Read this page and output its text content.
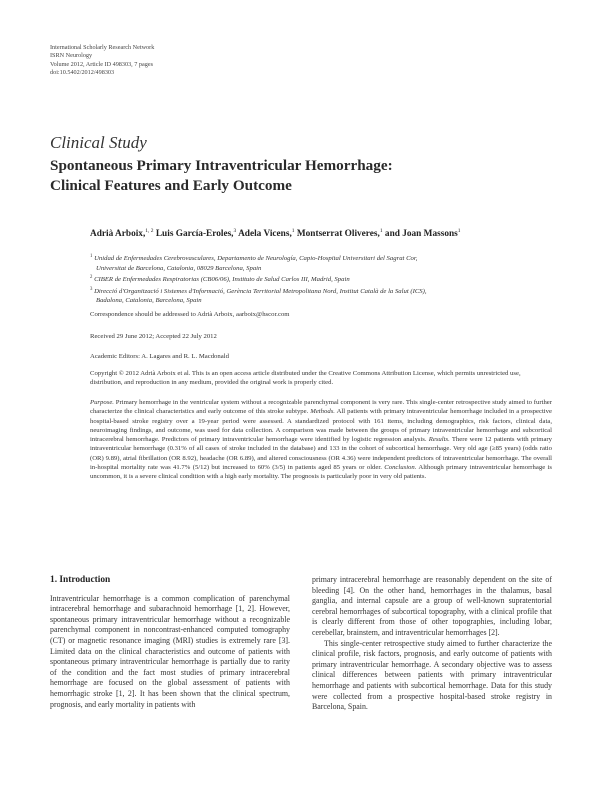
International Scholarly Research Network
ISRN Neurology
Volume 2012, Article ID 498303, 7 pages
doi:10.5402/2012/498303
Clinical Study
Spontaneous Primary Intraventricular Hemorrhage:
Clinical Features and Early Outcome
Adrià Arboix,$^{1, 2}$ Luis García-Eroles,$^3$ Adela Vicens,$^1$ Montserrat Oliveres,$^1$ and Joan Massons$^1$
$^1$ Unidad de Enfermedades Cerebrovasculares, Departamento de Neurología, Capio-Hospital Universitari del Sagrat Cor,
Universitat de Barcelona, Catalonia, 08029 Barcelona, Spain
$^2$ CIBER de Enfermedades Respiratorias (CB06/06), Instituto de Salud Carlos III, Madrid, Spain
$^3$ Direcció d'Organització i Sistemes d'Informació, Gerència Territorial Metropolitana Nord, Institut Català de la Salut (ICS),
Badalona, Catalonia, Barcelona, Spain
Correspondence should be addressed to Adrià Arboix, aarboix@hscor.com
Received 29 June 2012; Accepted 22 July 2012
Academic Editors: A. Lagares and R. L. Macdonald
Copyright © 2012 Adrià Arboix et al. This is an open access article distributed under the Creative Commons Attribution License, which permits unrestricted use, distribution, and reproduction in any medium, provided the original work is properly cited.
Purpose. Primary hemorrhage in the ventricular system without a recognizable parenchymal component is very rare. This single-center retrospective study aimed to further characterize the clinical characteristics and early outcome of this stroke subtype. Methods. All patients with primary intraventricular hemorrhage included in a prospective hospital-based stroke registry over a 19-year period were assessed. A standardized protocol with 161 items, including demographics, risk factors, clinical data, neuroimaging findings, and outcome, was used for data collection. A comparison was made between the groups of primary intraventricular hemorrhage and subcortical intracerebral hemorrhage. Predictors of primary intraventricular hemorrhage were identified by logistic regression analysis. Results. There were 12 patients with primary intraventricular hemorrhage (0.31% of all cases of stroke included in the database) and 133 in the cohort of subcortical hemorrhage. Very old age (≥85 years) (odds ratio (OR) 9.89), atrial fibrillation (OR 8.92), headache (OR 6.89), and altered consciousness (OR 4.36) were independent predictors of intraventricular hemorrhage. The overall in-hospital mortality rate was 41.7% (5/12) but increased to 60% (3/5) in patients aged 85 years or older. Conclusion. Although primary intraventricular hemorrhage is uncommon, it is a severe clinical condition with a high early mortality. The prognosis is particularly poor in very old patients.
1. Introduction

Intraventricular hemorrhage is a common complication of parenchymal intracerebral hemorrhage and subarachnoid hemorrhage [1, 2]. However, spontaneous primary intraventricular hemorrhage without a recognizable parenchymal component in noncontrast-enhanced computed tomography (CT) or magnetic resonance imaging (MRI) studies is extremely rare [3]. Limited data on the clinical characteristics and outcome of patients with spontaneous primary intraventricular hemorrhage is partially due to rarity of the condition and the fact most studies of primary intracerebral hemorrhage are focused on the global assessment of patients with hemorrhagic stroke [1, 2]. It has been shown that the clinical spectrum, prognosis, and early mortality in patients with

primary intracerebral hemorrhage are reasonably dependent on the site of bleeding [4]. On the other hand, hemorrhages in the thalamus, basal ganglia, and internal capsule are a group of well-known supratentorial cerebral hemorrhages of subcortical topography, with a clinical profile that is clearly different from those of other topographies, including lobar, cerebellar, brainstem, and intraventricular hemorrhages [2].

This single-center retrospective study aimed to further characterize the clinical profile, risk factors, prognosis, and early outcome of patients with primary intraventricular hemorrhage. A secondary objective was to assess clinical differences between patients with primary intraventricular hemorrhage and patients with subcortical hemorrhage. Data for this study were collected from a prospective hospital-based stroke registry in Barcelona, Spain.
